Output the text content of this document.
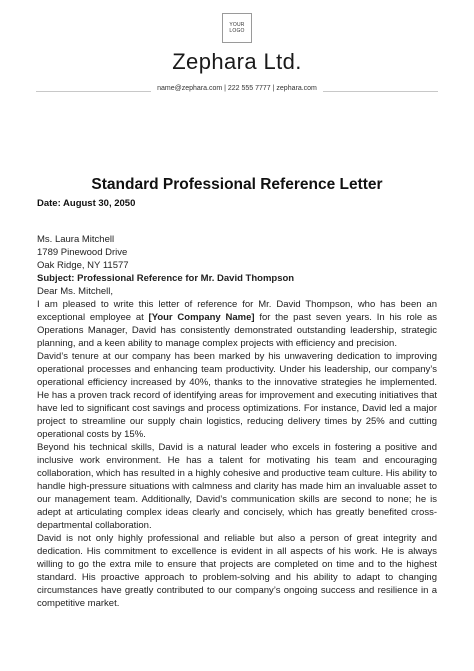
YOUR
LOGO
Zephara Ltd.
name@zephara.com | 222 555 7777 | zephara.com
Standard Professional Reference Letter
Date: August 30, 2050
Ms. Laura Mitchell
1789 Pinewood Drive
Oak Ridge, NY 11577
Subject: Professional Reference for Mr. David Thompson
Dear Ms. Mitchell,

I am pleased to write this letter of reference for Mr. David Thompson, who has been an exceptional employee at [Your Company Name] for the past seven years. In his role as Operations Manager, David has consistently demonstrated outstanding leadership, strategic planning, and a keen ability to manage complex projects with efficiency and precision.

David’s tenure at our company has been marked by his unwavering dedication to improving operational processes and enhancing team productivity. Under his leadership, our company’s operational efficiency increased by 40%, thanks to the innovative strategies he implemented. He has a proven track record of identifying areas for improvement and executing initiatives that have led to significant cost savings and process optimizations. For instance, David led a major project to streamline our supply chain logistics, reducing delivery times by 25% and cutting operational costs by 15%.

Beyond his technical skills, David is a natural leader who excels in fostering a positive and inclusive work environment. He has a talent for motivating his team and encouraging collaboration, which has resulted in a highly cohesive and productive team culture. His ability to handle high-pressure situations with calmness and clarity has made him an invaluable asset to our management team. Additionally, David’s communication skills are second to none; he is adept at articulating complex ideas clearly and concisely, which has greatly benefited cross-departmental collaboration.

David is not only highly professional and reliable but also a person of great integrity and dedication. His commitment to excellence is evident in all aspects of his work. He is always willing to go the extra mile to ensure that projects are completed on time and to the highest standard. His proactive approach to problem-solving and his ability to adapt to changing circumstances have greatly contributed to our company’s ongoing success and resilience in a competitive market.
